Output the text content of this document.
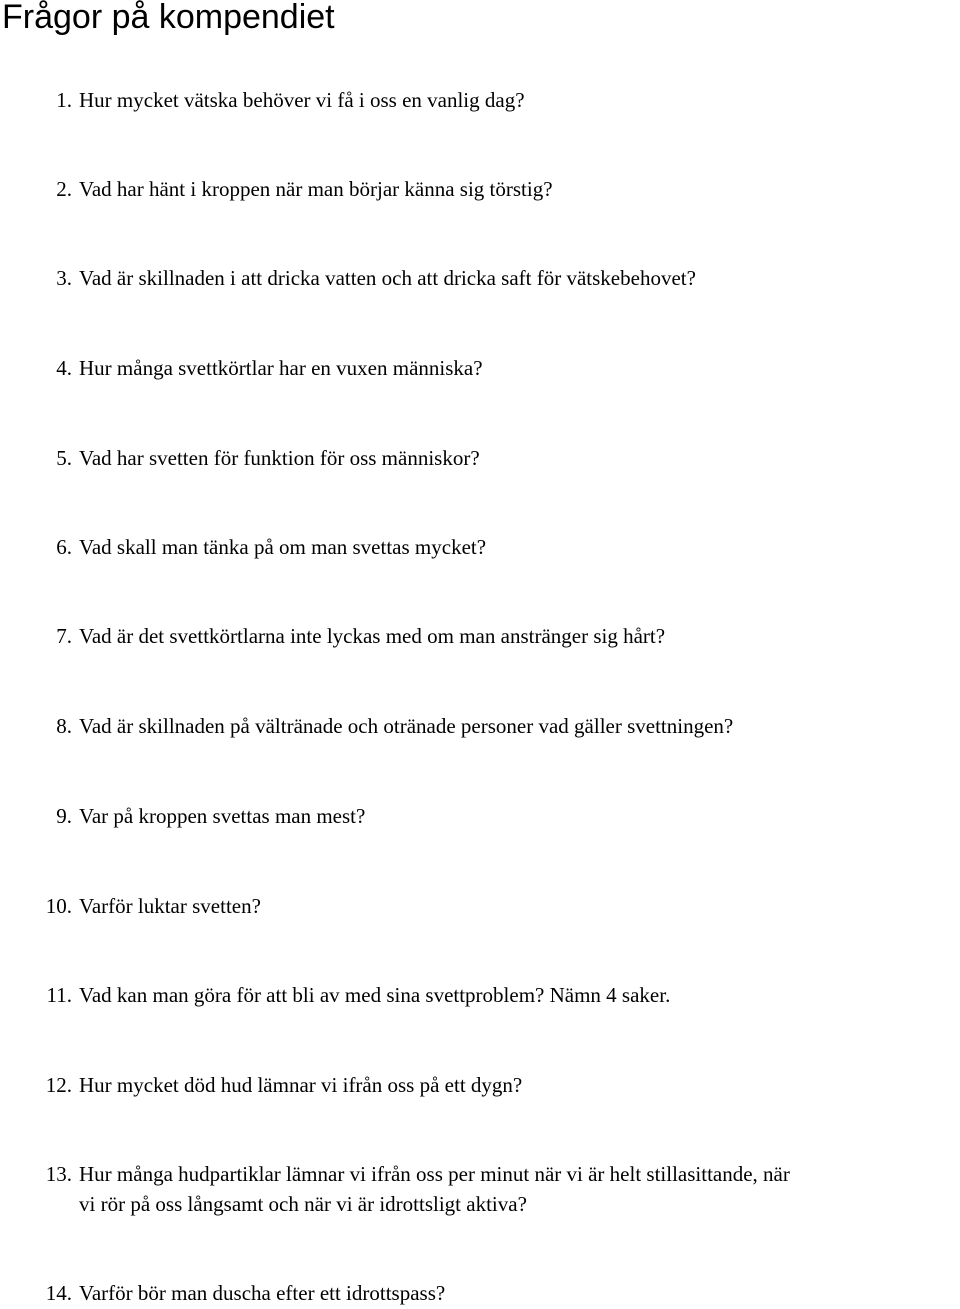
Frågor på kompendiet
1. Hur mycket vätska behöver vi få i oss en vanlig dag?
2. Vad har hänt i kroppen när man börjar känna sig törstig?
3. Vad är skillnaden i att dricka vatten och att dricka saft för vätskebehovet?
4. Hur många svettkörtlar har en vuxen människa?
5. Vad har svetten för funktion för oss människor?
6. Vad skall man tänka på om man svettas mycket?
7. Vad är det svettkörtlarna inte lyckas med om man anstränger sig hårt?
8. Vad är skillnaden på vältränade och otränade personer vad gäller svettningen?
9. Var på kroppen svettas man mest?
10. Varför luktar svetten?
11. Vad kan man göra för att bli av med sina svettproblem? Nämn 4 saker.
12. Hur mycket död hud lämnar vi ifrån oss på ett dygn?
13. Hur många hudpartiklar lämnar vi ifrån oss per minut när vi är helt stillasittande, när
vi rör på oss långsamt och när vi är idrottsligt aktiva?
14. Varför bör man duscha efter ett idrottspass?
